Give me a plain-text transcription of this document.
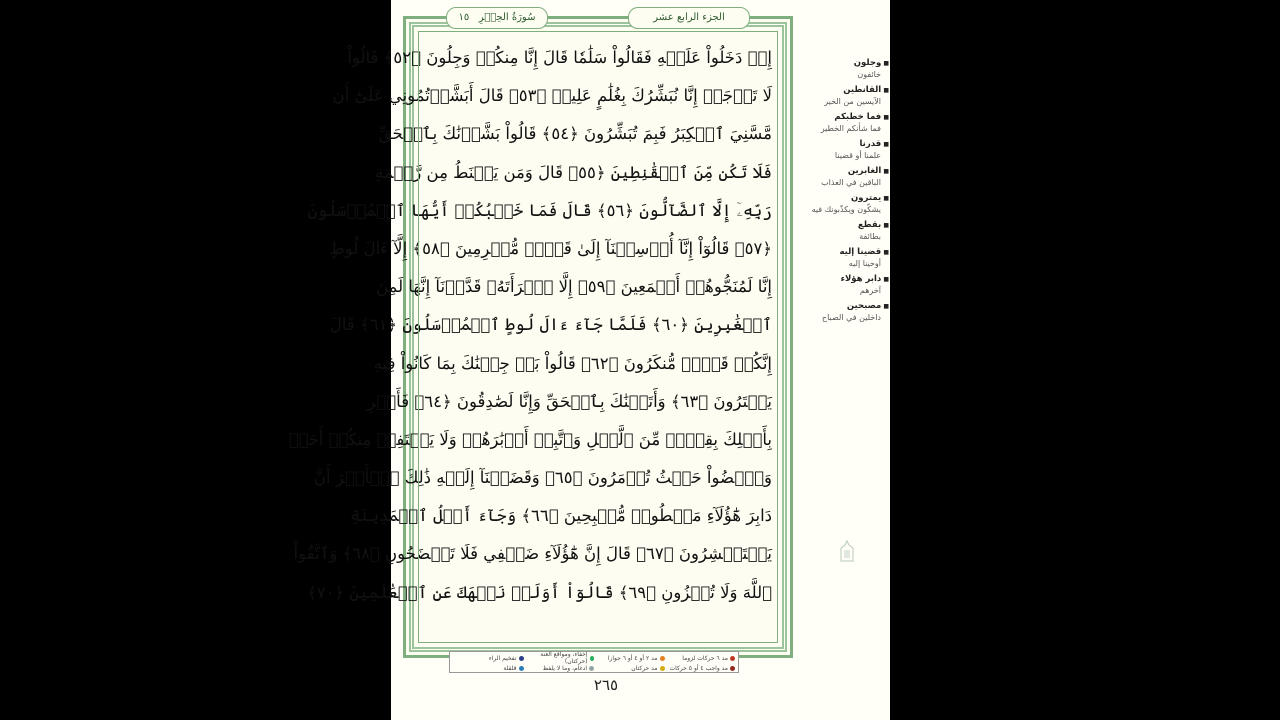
سُورَةُ الحِجۡرِ   ١٥	الجزء الرابع عشر
إِذۡ دَخَلُواْ عَلَيۡهِ فَقَالُواْ سَلَٰمٗا قَالَ إِنَّا مِنكُمۡ وَجِلُونَ ﴿٥٢﴾ قَالُواْ
لَا تَوۡجَلۡ إِنَّا نُبَشِّرُكَ بِغُلَٰمٍ عَلِيمٖ ﴿٥٣﴾ قَالَ أَبَشَّرۡتُمُونِي عَلَىٰٓ أَن
مَّسَّنِيَ ٱلۡكِبَرُ فَبِمَ تُبَشِّرُونَ ﴿٥٤﴾ قَالُواْ بَشَّرۡنَٰكَ بِٱلۡحَقِّ
فَلَا تَكُن مِّنَ ٱلۡقَٰنِطِينَ ﴿٥٥﴾ قَالَ وَمَن يَقۡنَطُ مِن رَّحۡمَةِ
رَبِّهِۦٓ إِلَّا ٱلضَّآلُّونَ ﴿٥٦﴾ قَالَ فَمَا خَطۡبُكُمۡ أَيُّهَا ٱلۡمُرۡسَلُونَ
﴿٥٧﴾ قَالُوٓاْ إِنَّآ أُرۡسِلۡنَآ إِلَىٰ قَوۡمٖ مُّجۡرِمِينَ ﴿٥٨﴾ إِلَّآ ءَالَ لُوطٍ
إِنَّا لَمُنَجُّوهُمۡ أَجۡمَعِينَ ﴿٥٩﴾ إِلَّا ٱمۡرَأَتَهُۥ قَدَّرۡنَآ إِنَّهَا لَمِنَ
ٱلۡغَٰبِرِينَ ﴿٦٠﴾ فَلَمَّا جَآءَ ءَالَ لُوطٍ ٱلۡمُرۡسَلُونَ ﴿٦١﴾ قَالَ
إِنَّكُمۡ قَوۡمٞ مُّنكَرُونَ ﴿٦٢﴾ قَالُواْ بَلۡ جِئۡنَٰكَ بِمَا كَانُواْ فِيهِ
يَمۡتَرُونَ ﴿٦٣﴾ وَأَتَيۡنَٰكَ بِٱلۡحَقِّ وَإِنَّا لَصَٰدِقُونَ ﴿٦٤﴾ فَأَسۡرِ
بِأَهۡلِكَ بِقِطۡعٖ مِّنَ ٱلَّيۡلِ وَٱتَّبِعۡ أَدۡبَٰرَهُمۡ وَلَا يَلۡتَفِتۡ مِنكُمۡ أَحَدٞ
وَٱمۡضُواْ حَيۡثُ تُؤۡمَرُونَ ﴿٦٥﴾ وَقَضَيۡنَآ إِلَيۡهِ ذَٰلِكَ ٱلۡأَمۡرَ أَنَّ
دَابِرَ هَٰٓؤُلَآءِ مَقۡطُوعٞ مُّصۡبِحِينَ ﴿٦٦﴾ وَجَآءَ أَهۡلُ ٱلۡمَدِينَةِ
يَسۡتَبۡشِرُونَ ﴿٦٧﴾ قَالَ إِنَّ هَٰٓؤُلَآءِ ضَيۡفِي فَلَا تَفۡضَحُونِ ﴿٦٨﴾ وَٱتَّقُواْ
ٱللَّهَ وَلَا تُخۡزُونِ ﴿٦٩﴾ قَالُوٓاْ أَوَلَمۡ نَنۡهَكَ عَنِ ٱلۡعَٰلَمِينَ ﴿٧٠﴾
مد ٦ حركات لزوما
مد ٢ أو ٤ أو ٦ جوازا
إخفاء، ومواقع الغنة (حركتان)
تفخيم الراء
مد واجب ٤ أو ٥ حركات
مد حركتان
ادغام، وما لا يلفظ
قلقلة
٢٦٥
■ وجلون
خائفون
■ القانطين
الآيسين من الخير
■ فما خطبكم
فما شأنكم الخطير
■ قدرنا
علمنا أو قضينا
■ الغابرين
الباقين في العذاب
■ يمترون
يشكّون ويكذّبونك فيه
■ بقطع
بطائفة
■ قضينا إليه
أوحينا إليه
■ دابر هؤلاء
آخرهم
■ مصبحين
داخلين في الصباح
